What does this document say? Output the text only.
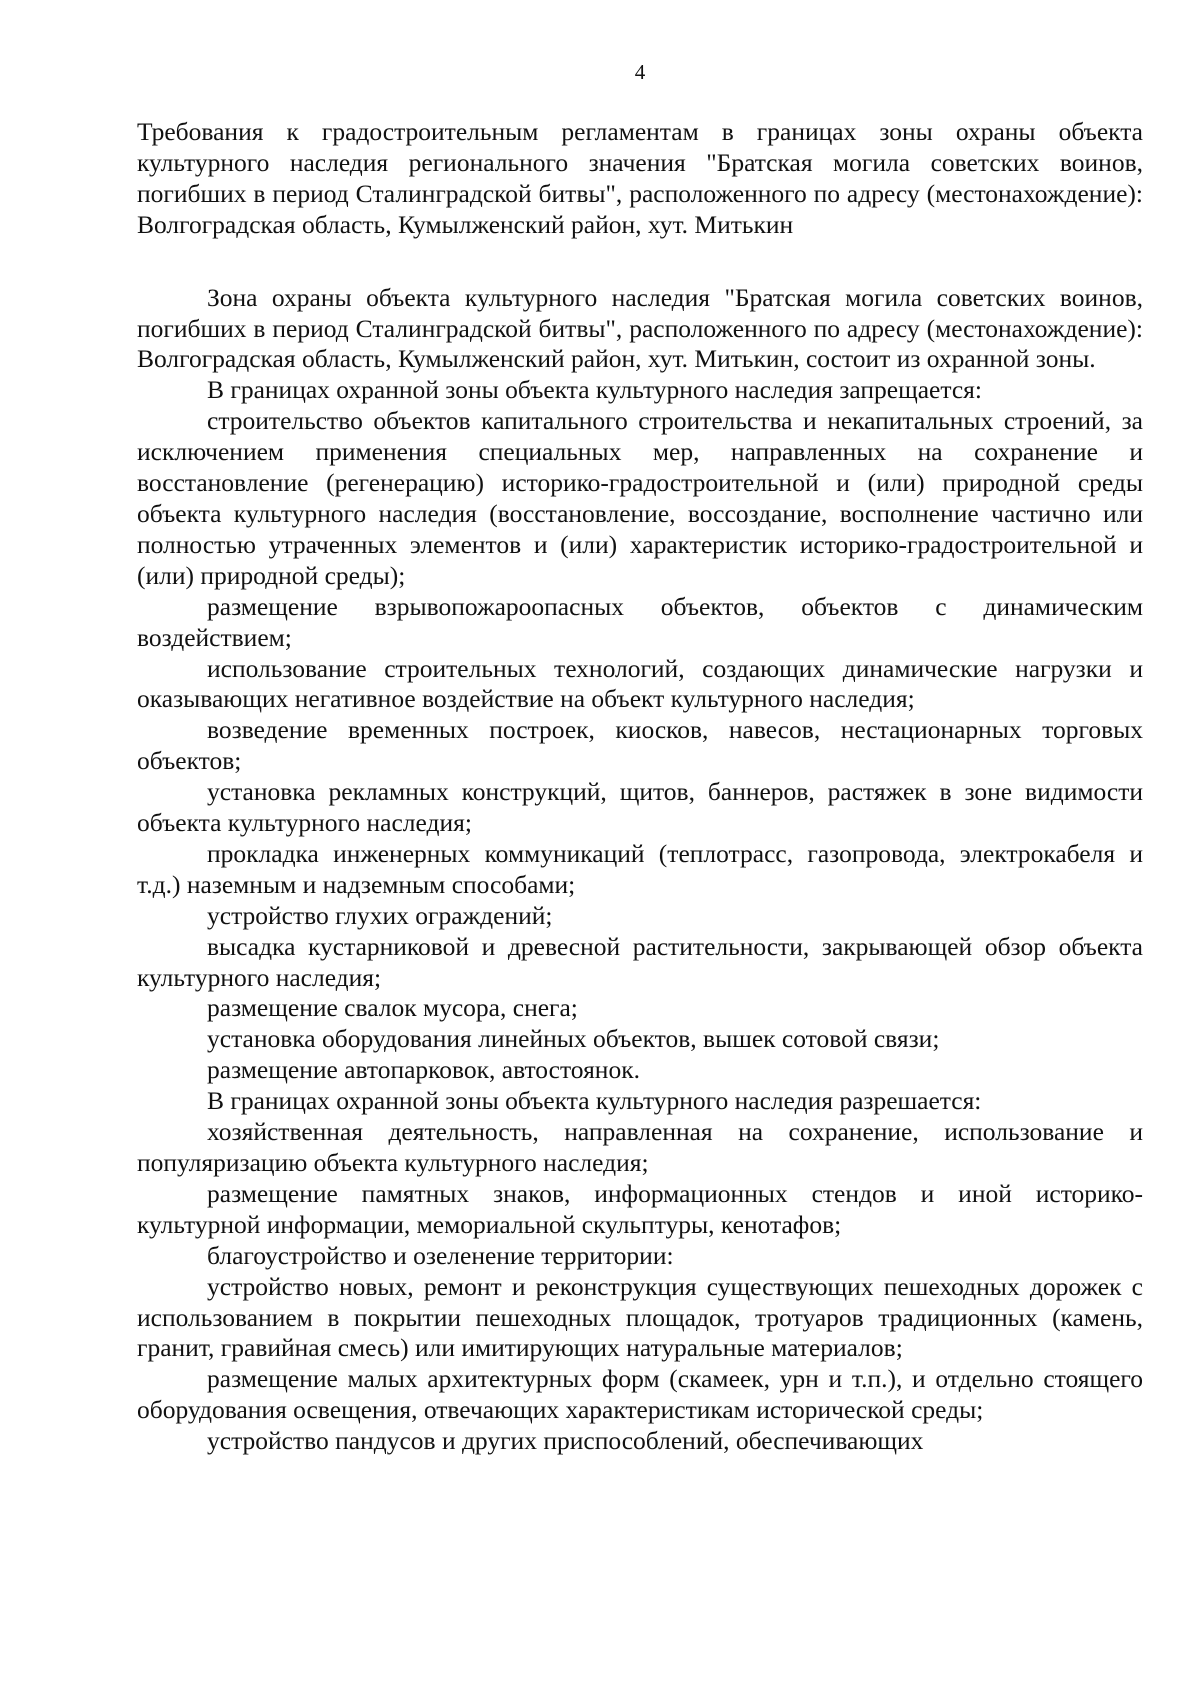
4

Требования к градостроительным регламентам в границах зоны охраны объекта культурного наследия регионального значения "Братская могила советских воинов, погибших в период Сталинградской битвы", расположенного по адресу (местонахождение): Волгоградская область, Кумылженский район, хут. Митькин

Зона охраны объекта культурного наследия "Братская могила советских воинов, погибших в период Сталинградской битвы", расположенного по адресу (местонахождение): Волгоградская область, Кумылженский район, хут. Митькин, состоит из охранной зоны.

В границах охранной зоны объекта культурного наследия запрещается:

строительство объектов капитального строительства и некапитальных строений, за исключением применения специальных мер, направленных на сохранение и восстановление (регенерацию) историко-градостроительной и (или) природной среды объекта культурного наследия (восстановление, воссоздание, восполнение частично или полностью утраченных элементов и (или) характеристик историко-градостроительной и (или) природной среды);

размещение взрывопожароопасных объектов, объектов с динамическим воздействием;

использование строительных технологий, создающих динамические нагрузки и оказывающих негативное воздействие на объект культурного наследия;

возведение временных построек, киосков, навесов, нестационарных торговых объектов;

установка рекламных конструкций, щитов, баннеров, растяжек в зоне видимости объекта культурного наследия;

прокладка инженерных коммуникаций (теплотрасс, газопровода, электрокабеля и т.д.) наземным и надземным способами;

устройство глухих ограждений;

высадка кустарниковой и древесной растительности, закрывающей обзор объекта культурного наследия;

размещение свалок мусора, снега;

установка оборудования линейных объектов, вышек сотовой связи;

размещение автопарковок, автостоянок.

В границах охранной зоны объекта культурного наследия разрешается:

хозяйственная деятельность, направленная на сохранение, использование и популяризацию объекта культурного наследия;

размещение памятных знаков, информационных стендов и иной историко-культурной информации, мемориальной скульптуры, кенотафов;

благоустройство и озеленение территории:

устройство новых, ремонт и реконструкция существующих пешеходных дорожек с использованием в покрытии пешеходных площадок, тротуаров традиционных (камень, гранит, гравийная смесь) или имитирующих натуральные материалов;

размещение малых архитектурных форм (скамеек, урн и т.п.), и отдельно стоящего оборудования освещения, отвечающих характеристикам исторической среды;

устройство пандусов и других приспособлений, обеспечивающих
